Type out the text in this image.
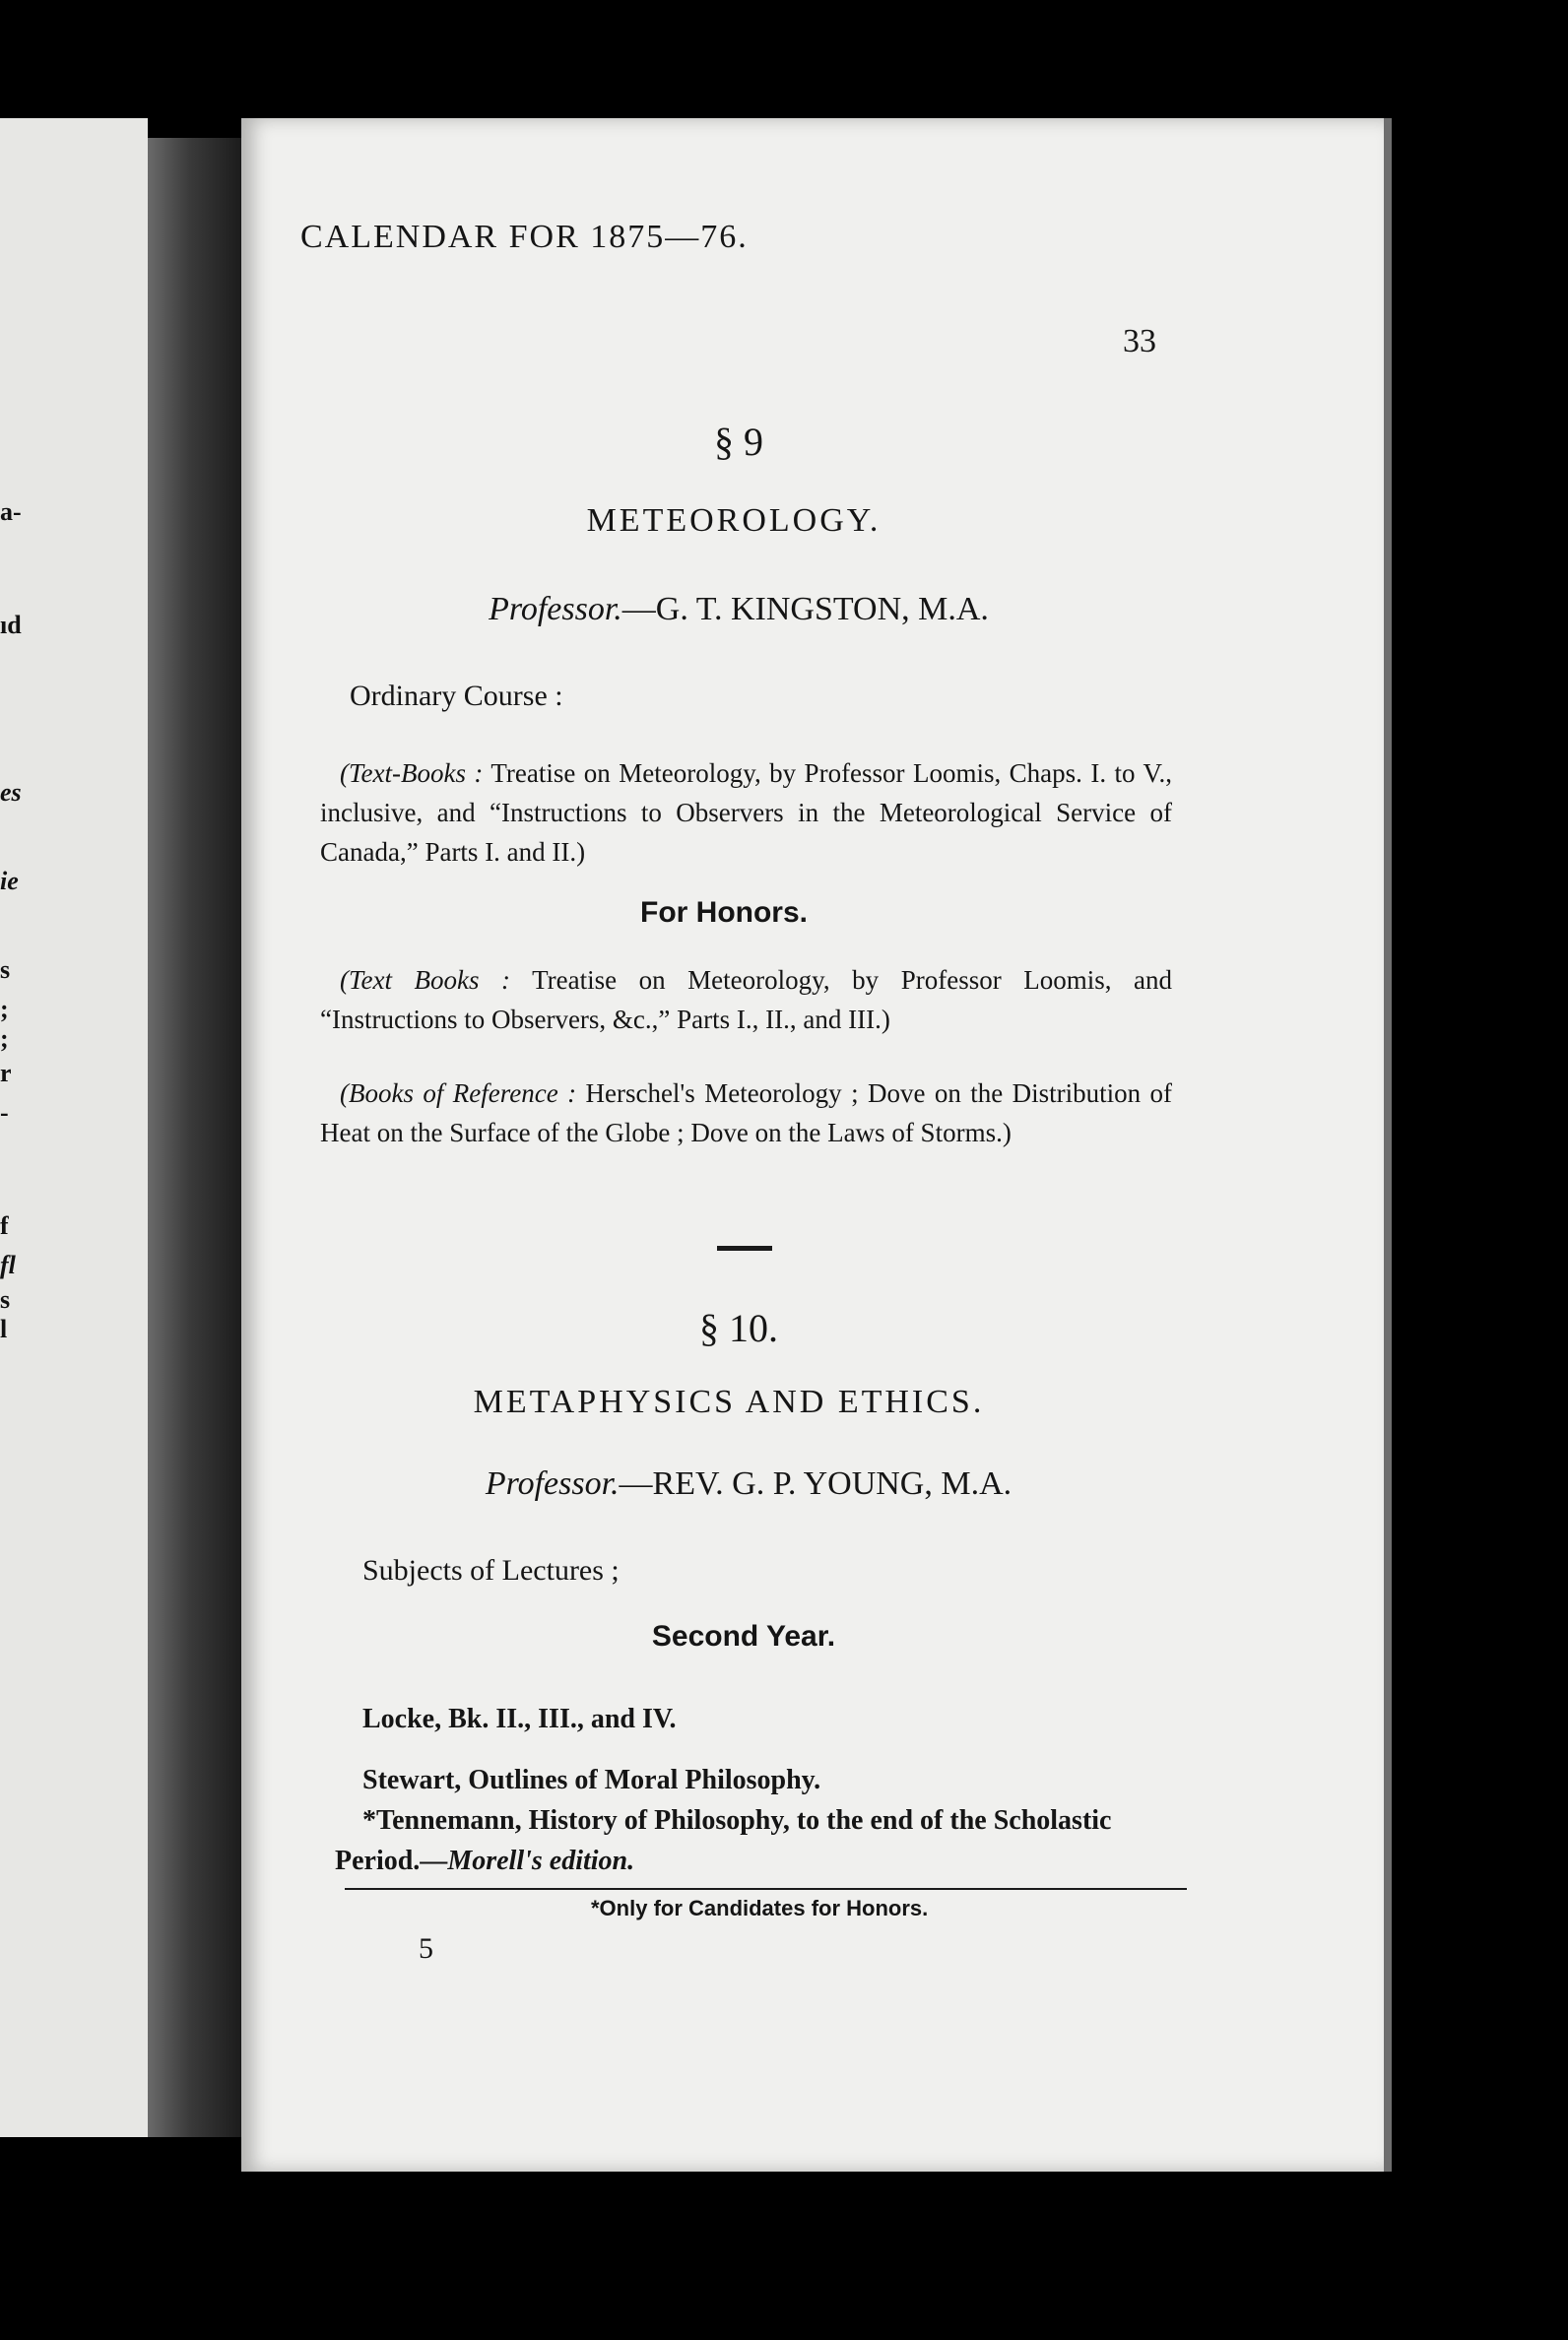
a-
ıd
es
ie
s
;
;
r
-
f
fl
s
l
CALENDAR FOR 1875—76.
33
§ 9
METEOROLOGY.
Professor.—G. T. KINGSTON, M.A.
Ordinary Course :
(Text-Books : Treatise on Meteorology, by Professor Loomis, Chaps. I. to V., inclusive, and “Instructions to Observers in the Meteorological Service of Canada,” Parts I. and II.)
For Honors.
(Text Books : Treatise on Meteorology, by Professor Loomis, and “Instructions to Observers, &c.,” Parts I., II., and III.)
(Books of Reference : Herschel's Meteorology ; Dove on the Distribution of Heat on the Surface of the Globe ; Dove on the Laws of Storms.)
§ 10.
METAPHYSICS AND ETHICS.
Professor.—REV. G. P. YOUNG, M.A.
Subjects of Lectures ;
Second Year.
Locke, Bk. II., III., and IV.
Stewart, Outlines of Moral Philosophy.
*Tennemann, History of Philosophy, to the end of the Scholastic
Period.—Morell's edition.
*Only for Candidates for Honors.
5
